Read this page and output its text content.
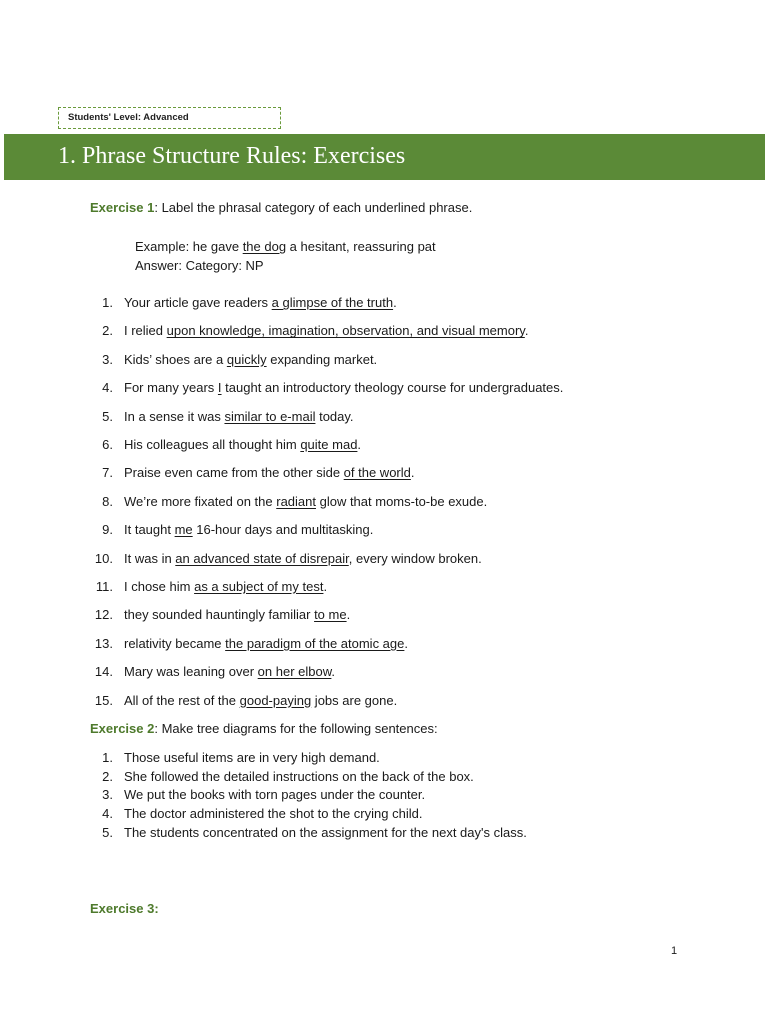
Students' Level: Advanced
1. Phrase Structure Rules: Exercises
Exercise 1: Label the phrasal category of each underlined phrase.
Example: he gave the dog a hesitant, reassuring pat
Answer: Category: NP
1. Your article gave readers a glimpse of the truth.
2. I relied upon knowledge, imagination, observation, and visual memory.
3. Kids’ shoes are a quickly expanding market.
4. For many years I taught an introductory theology course for undergraduates.
5. In a sense it was similar to e-mail today.
6. His colleagues all thought him quite mad.
7. Praise even came from the other side of the world.
8. We’re more fixated on the radiant glow that moms-to-be exude.
9. It taught me 16-hour days and multitasking.
10. It was in an advanced state of disrepair, every window broken.
11. I chose him as a subject of my test.
12. they sounded hauntingly familiar to me.
13. relativity became the paradigm of the atomic age.
14. Mary was leaning over on her elbow.
15. All of the rest of the good-paying jobs are gone.
Exercise 2: Make tree diagrams for the following sentences:
1. Those useful items are in very high demand.
2. She followed the detailed instructions on the back of the box.
3. We put the books with torn pages under the counter.
4. The doctor administered the shot to the crying child.
5. The students concentrated on the assignment for the next day's class.
Exercise 3:
1
